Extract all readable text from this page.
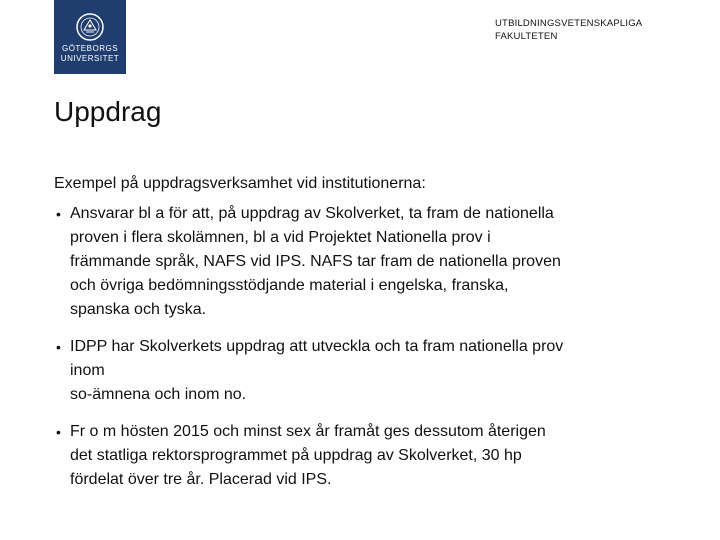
GÖTEBORGS
UNIVERSITET
UTBILDNINGSVETENSKAPLIGA
FAKULTETEN
Uppdrag
Exempel på uppdragsverksamhet vid institutionerna:
• Ansvarar bl a för att, på uppdrag av Skolverket, ta fram de nationella
proven i flera skolämnen, bl a vid Projektet Nationella prov i
främmande språk, NAFS vid IPS. NAFS tar fram de nationella proven
och övriga bedömningsstödjande material i engelska, franska,
spanska och tyska.
• IDPP har Skolverkets uppdrag att utveckla och ta fram nationella prov
inom
so-ämnena och inom no.
• Fr o m hösten 2015 och minst sex år framåt ges dessutom återigen
det statliga rektorsprogrammet på uppdrag av Skolverket, 30 hp
fördelat över tre år. Placerad vid IPS.
